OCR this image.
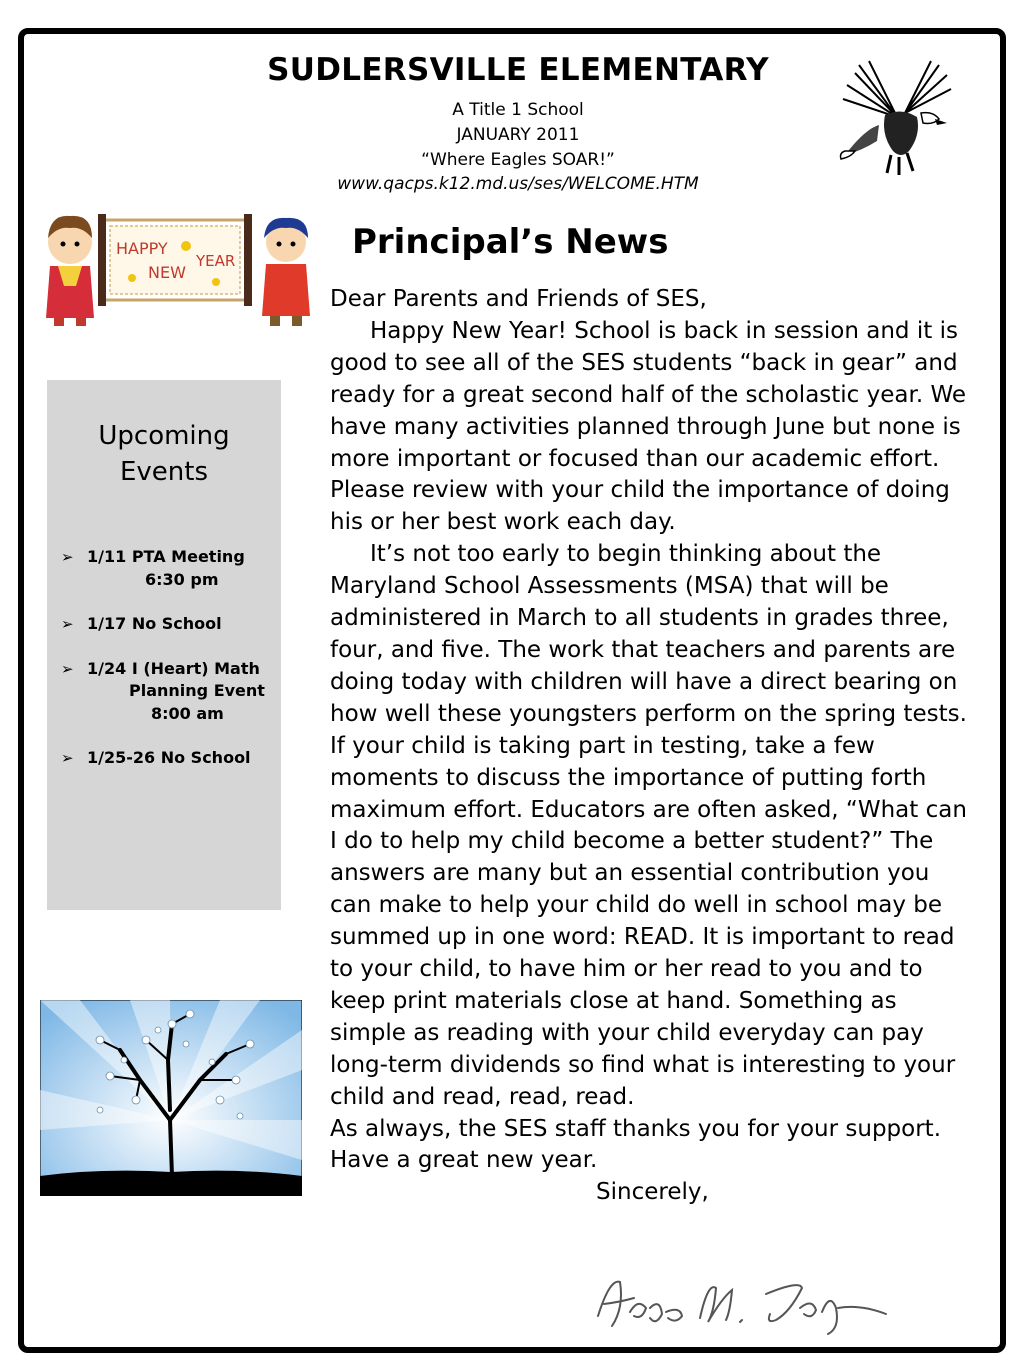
SUDLERSVILLE ELEMENTARY
A Title 1 School
JANUARY 2011
“Where Eagles SOAR!”
www.qacps.k12.md.us/ses/WELCOME.HTM
HAPPY
NEW
YEAR	Principal’s News
Upcoming
Events
➢ 1/11 PTA Meeting
6:30 pm
➢ 1/17 No School
➢ 1/24 I (Heart) Math
Planning Event
8:00 am
➢ 1/25-26 No School

Dear Parents and Friends of SES,

Happy New Year! School is back in session and it is good to see all of the SES students “back in gear” and ready for a great second half of the scholastic year. We have many activities planned through June but none is more important or focused than our academic effort. Please review with your child the importance of doing his or her best work each day.

It’s not too early to begin thinking about the Maryland School Assessments (MSA) that will be administered in March to all students in grades three, four, and five. The work that teachers and parents are doing today with children will have a direct bearing on how well these youngsters perform on the spring tests. If your child is taking part in testing, take a few moments to discuss the importance of putting forth maximum effort. Educators are often asked, “What can I do to help my child become a better student?” The answers are many but an essential contribution you can make to help your child do well in school may be summed up in one word: READ. It is important to read to your child, to have him or her read to you and to keep print materials close at hand. Something as simple as reading with your child everyday can pay long-term dividends so find what is interesting to your child and read, read, read.

As always, the SES staff thanks you for your support. Have a great new year.

Sincerely,
